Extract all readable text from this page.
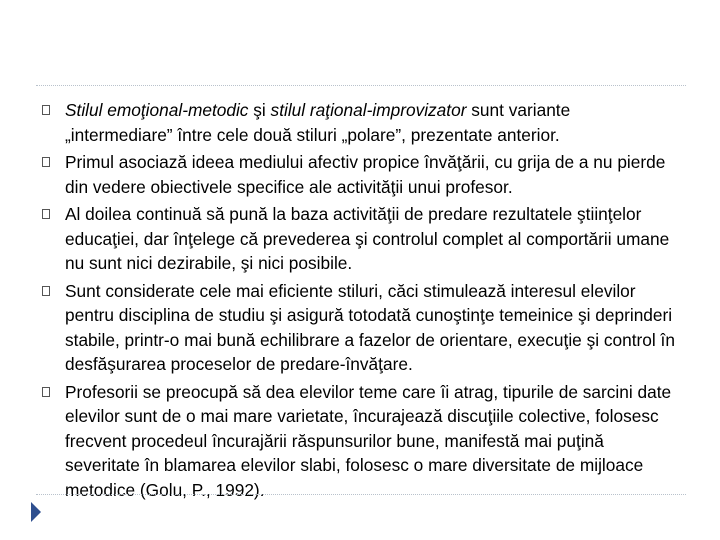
Stilul emoţional-metodic şi stilul raţional-improvizator sunt variante „intermediare” între cele două stiluri „polare”, prezentate anterior.
Primul asociază ideea mediului afectiv propice învăţării, cu grija de a nu pierde din vedere obiectivele specifice ale activităţii unui profesor.
Al doilea continuă să pună la baza activităţii de predare rezultatele ştiinţelor educaţiei, dar înţelege că prevederea şi controlul complet al comportării umane nu sunt nici dezirabile, şi nici posibile.
Sunt considerate cele mai eficiente stiluri, căci stimulează interesul elevilor pentru disciplina de studiu şi asigură totodată cunoştinţe temeinice şi deprinderi stabile, printr-o mai bună echilibrare a fazelor de orientare, execuţie şi control în desfăşurarea proceselor de predare-învăţare.
Profesorii se preocupă să dea elevilor teme care îi atrag, tipurile de sarcini date elevilor sunt de o mai mare varietate, încurajează discuţiile colective, folosesc frecvent procedeul încurajării răspunsurilor bune, manifestă mai puţină severitate în blamarea elevilor slabi, folosesc o mare diversitate de mijloace metodice (Golu, P., 1992).
